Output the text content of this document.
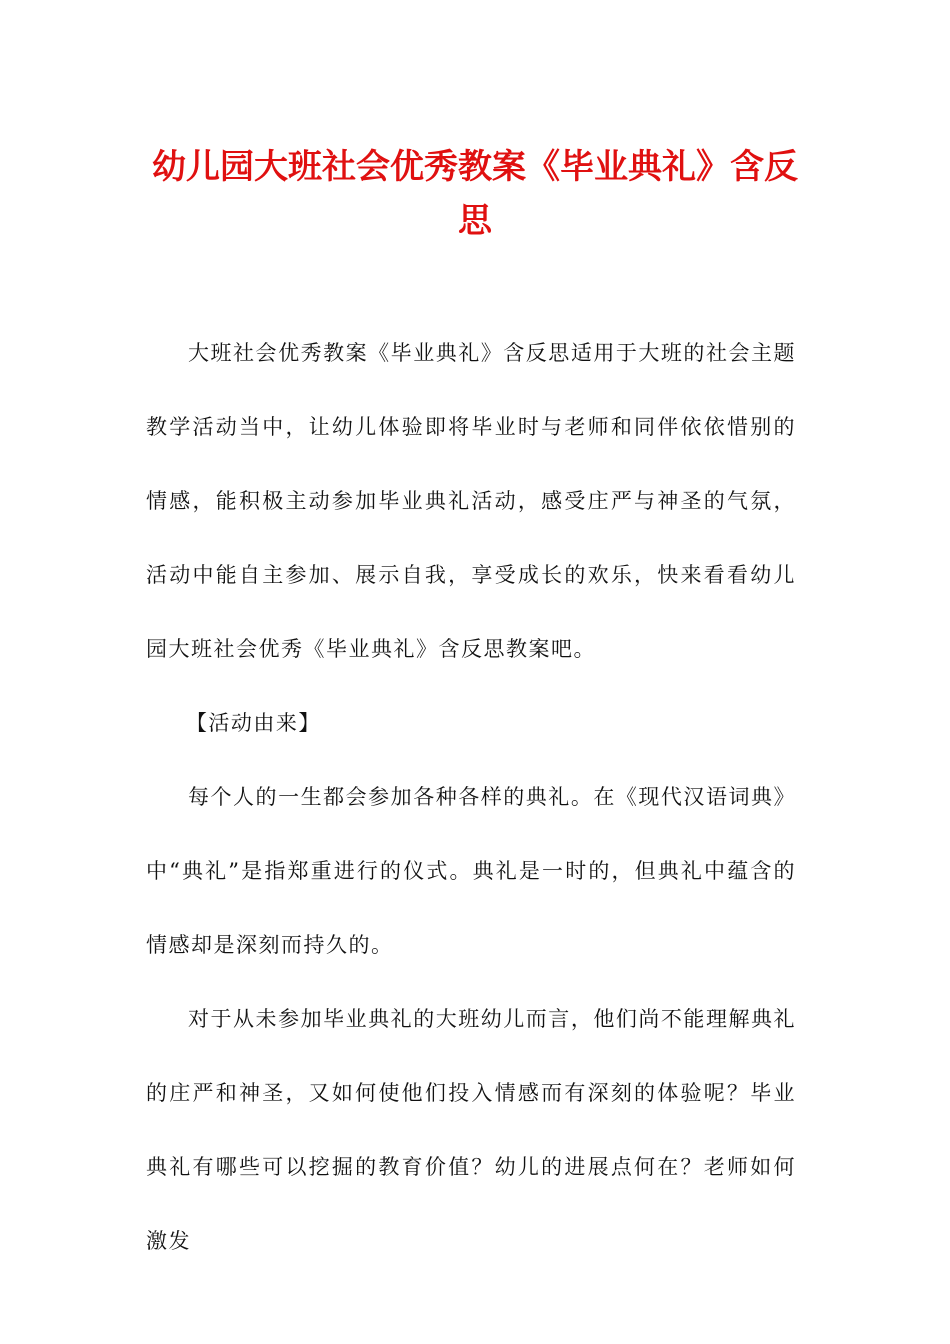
幼儿园大班社会优秀教案《毕业典礼》含反思

大班社会优秀教案《毕业典礼》含反思适用于大班的社会主题教学活动当中，让幼儿体验即将毕业时与老师和同伴依依惜别的情感，能积极主动参加毕业典礼活动，感受庄严与神圣的气氛，活动中能自主参加、展示自我，享受成长的欢乐，快来看看幼儿园大班社会优秀《毕业典礼》含反思教案吧。

【活动由来】

每个人的一生都会参加各种各样的典礼。在《现代汉语词典》中“典礼”是指郑重进行的仪式。典礼是一时的，但典礼中蕴含的情感却是深刻而持久的。

对于从未参加毕业典礼的大班幼儿而言，他们尚不能理解典礼的庄严和神圣，又如何使他们投入情感而有深刻的体验呢？毕业典礼有哪些可以挖掘的教育价值？幼儿的进展点何在？老师如何激发
